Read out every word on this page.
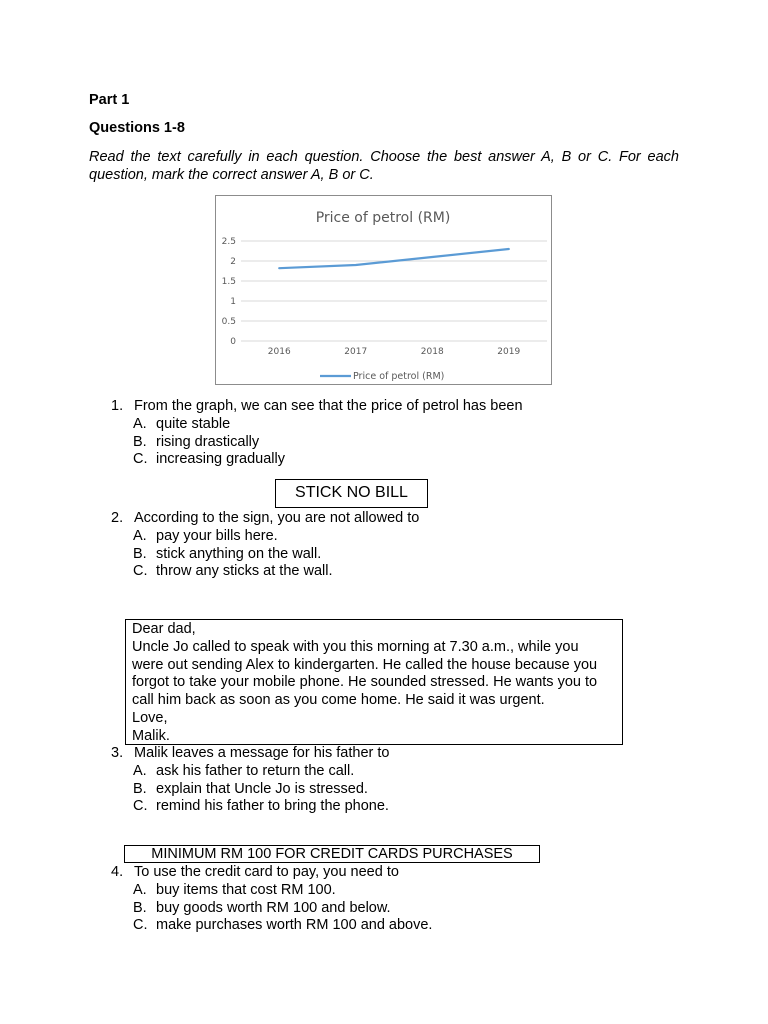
Part 1
Questions 1-8
Read the text carefully in each question. Choose the best answer A, B or C. For each question, mark the correct answer A, B or C.
Price of petrol (RM)
0
0.5
1
1.5
2
2.5
2016	2017	2018	2019
Price of petrol (RM)
1. From the graph, we can see that the price of petrol has been
A. quite stable
B. rising drastically
C. increasing gradually
STICK NO BILL
2. According to the sign, you are not allowed to
A. pay your bills here.
B. stick anything on the wall.
C. throw any sticks at the wall.
Dear dad,
Uncle Jo called to speak with you this morning at 7.30 a.m., while you
were out sending Alex to kindergarten. He called the house because you
forgot to take your mobile phone. He sounded stressed. He wants you to
call him back as soon as you come home. He said it was urgent.
Love,
Malik.
3. Malik leaves a message for his father to
A. ask his father to return the call.
B. explain that Uncle Jo is stressed.
C. remind his father to bring the phone.
MINIMUM RM 100 FOR CREDIT CARDS PURCHASES
4. To use the credit card to pay, you need to
A. buy items that cost RM 100.
B. buy goods worth RM 100 and below.
C. make purchases worth RM 100 and above.
